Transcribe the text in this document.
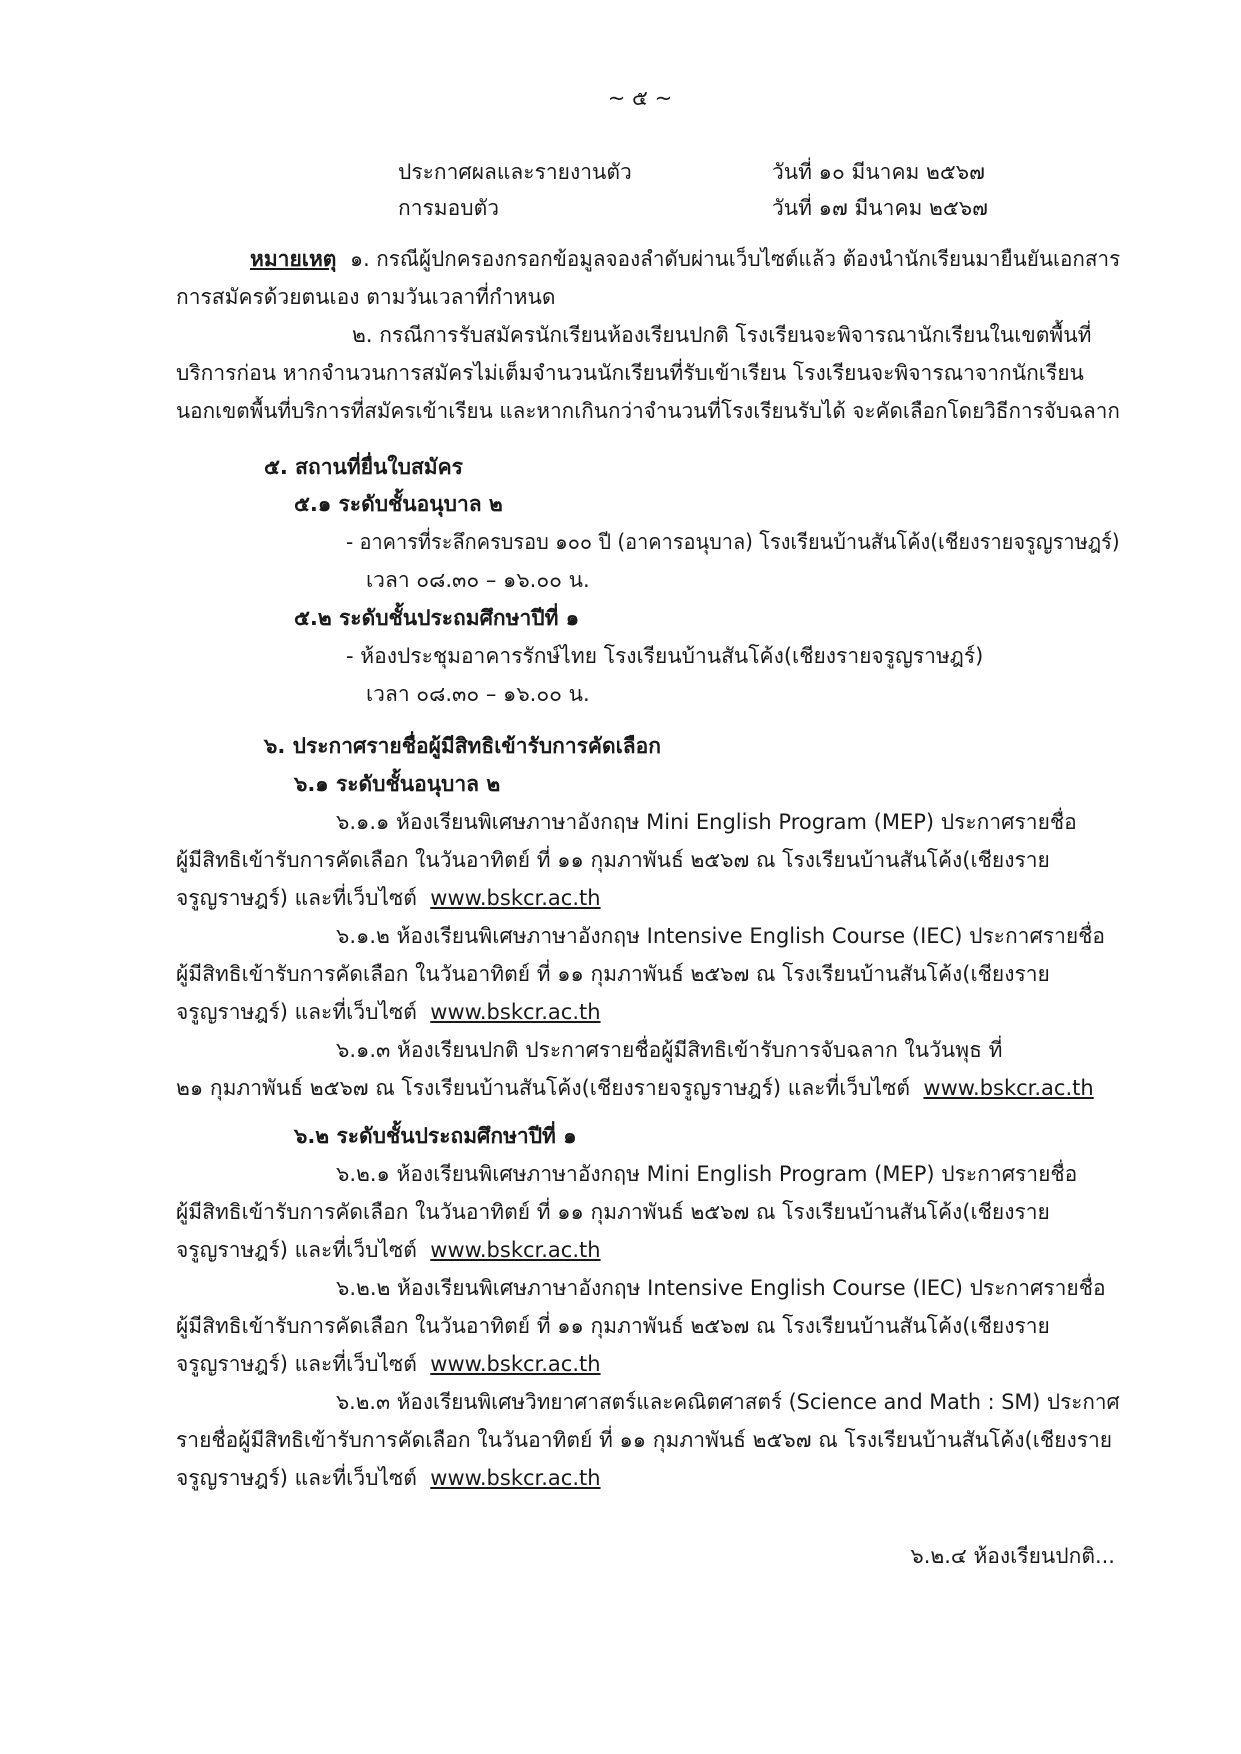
~ ๕ ~
ประกาศผลและรายงานตัว	วันที่ ๑๐ มีนาคม ๒๕๖๗
การมอบตัว	วันที่ ๑๗ มีนาคม ๒๕๖๗
หมายเหตุ ๑. กรณีผู้ปกครองกรอกข้อมูลจองลำดับผ่านเว็บไซต์แล้ว ต้องนำนักเรียนมายืนยันเอกสาร
การสมัครด้วยตนเอง ตามวันเวลาที่กำหนด
๒. กรณีการรับสมัครนักเรียนห้องเรียนปกติ โรงเรียนจะพิจารณานักเรียนในเขตพื้นที่
บริการก่อน หากจำนวนการสมัครไม่เต็มจำนวนนักเรียนที่รับเข้าเรียน โรงเรียนจะพิจารณาจากนักเรียน
นอกเขตพื้นที่บริการที่สมัครเข้าเรียน และหากเกินกว่าจำนวนที่โรงเรียนรับได้ จะคัดเลือกโดยวิธีการจับฉลาก
๕. สถานที่ยื่นใบสมัคร
๕.๑ ระดับชั้นอนุบาล ๒
- อาคารที่ระลึกครบรอบ ๑๐๐ ปี (อาคารอนุบาล) โรงเรียนบ้านสันโค้ง(เชียงรายจรูญราษฎร์)
เวลา ๐๘.๓๐ – ๑๖.๐๐ น.
๕.๒ ระดับชั้นประถมศึกษาปีที่ ๑
- ห้องประชุมอาคารรักษ์ไทย โรงเรียนบ้านสันโค้ง(เชียงรายจรูญราษฎร์)
เวลา ๐๘.๓๐ – ๑๖.๐๐ น.
๖. ประกาศรายชื่อผู้มีสิทธิเข้ารับการคัดเลือก
๖.๑ ระดับชั้นอนุบาล ๒
๖.๑.๑ ห้องเรียนพิเศษภาษาอังกฤษ Mini English Program (MEP) ประกาศรายชื่อ
ผู้มีสิทธิเข้ารับการคัดเลือก ในวันอาทิตย์ ที่ ๑๑ กุมภาพันธ์ ๒๕๖๗ ณ โรงเรียนบ้านสันโค้ง(เชียงราย
จรูญราษฎร์) และที่เว็บไซต์ www.bskcr.ac.th
๖.๑.๒ ห้องเรียนพิเศษภาษาอังกฤษ Intensive English Course (IEC) ประกาศรายชื่อ
ผู้มีสิทธิเข้ารับการคัดเลือก ในวันอาทิตย์ ที่ ๑๑ กุมภาพันธ์ ๒๕๖๗ ณ โรงเรียนบ้านสันโค้ง(เชียงราย
จรูญราษฎร์) และที่เว็บไซต์ www.bskcr.ac.th
๖.๑.๓ ห้องเรียนปกติ ประกาศรายชื่อผู้มีสิทธิเข้ารับการจับฉลาก ในวันพุธ ที่
๒๑ กุมภาพันธ์ ๒๕๖๗ ณ โรงเรียนบ้านสันโค้ง(เชียงรายจรูญราษฎร์) และที่เว็บไซต์ www.bskcr.ac.th
๖.๒ ระดับชั้นประถมศึกษาปีที่ ๑
๖.๒.๑ ห้องเรียนพิเศษภาษาอังกฤษ Mini English Program (MEP) ประกาศรายชื่อ
ผู้มีสิทธิเข้ารับการคัดเลือก ในวันอาทิตย์ ที่ ๑๑ กุมภาพันธ์ ๒๕๖๗ ณ โรงเรียนบ้านสันโค้ง(เชียงราย
จรูญราษฎร์) และที่เว็บไซต์ www.bskcr.ac.th
๖.๒.๒ ห้องเรียนพิเศษภาษาอังกฤษ Intensive English Course (IEC) ประกาศรายชื่อ
ผู้มีสิทธิเข้ารับการคัดเลือก ในวันอาทิตย์ ที่ ๑๑ กุมภาพันธ์ ๒๕๖๗ ณ โรงเรียนบ้านสันโค้ง(เชียงราย
จรูญราษฎร์) และที่เว็บไซต์ www.bskcr.ac.th
๖.๒.๓ ห้องเรียนพิเศษวิทยาศาสตร์และคณิตศาสตร์ (Science and Math : SM) ประกาศ
รายชื่อผู้มีสิทธิเข้ารับการคัดเลือก ในวันอาทิตย์ ที่ ๑๑ กุมภาพันธ์ ๒๕๖๗ ณ โรงเรียนบ้านสันโค้ง(เชียงราย
จรูญราษฎร์) และที่เว็บไซต์ www.bskcr.ac.th
๖.๒.๔ ห้องเรียนปกติ...
